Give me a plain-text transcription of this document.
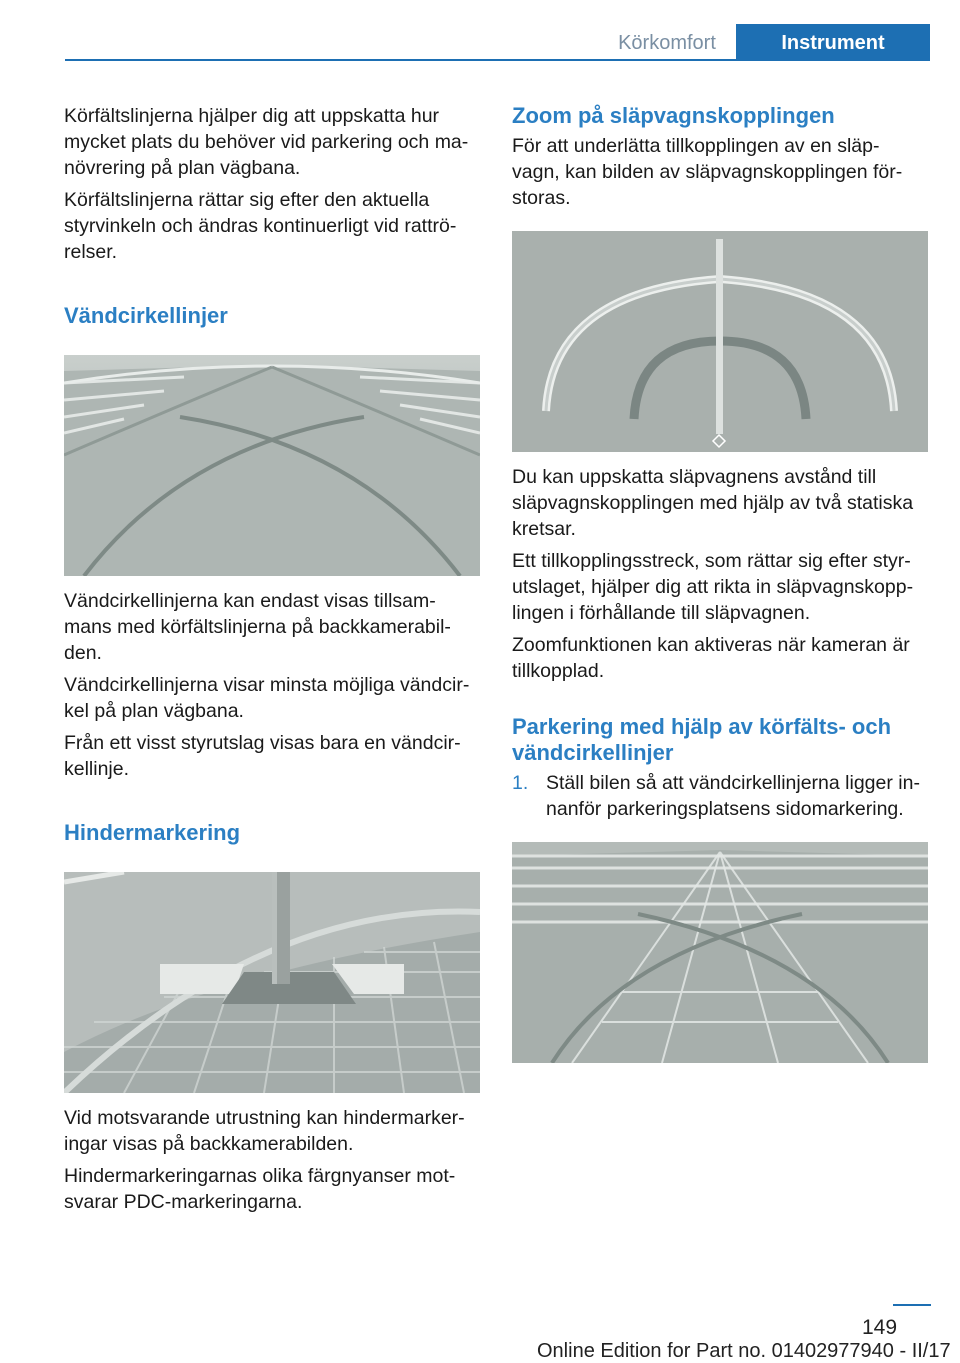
Körkomfort	Instrument

Körfältslinjerna hjälper dig att uppskatta hur
mycket plats du behöver vid parkering och ma‐
növrering på plan vägbana.

Körfältslinjerna rättar sig efter den aktuella
styrvinkeln och ändras kontinuerligt vid rattrö‐
relser.

Vändcirkellinjer

Vändcirkellinjerna kan endast visas tillsam‐
mans med körfältslinjerna på backkamerabil‐
den.

Vändcirkellinjerna visar minsta möjliga vändcir‐
kel på plan vägbana.

Från ett visst styrutslag visas bara en vändcir‐
kellinje.

Hindermarkering

Vid motsvarande utrustning kan hindermarker‐
ingar visas på backkamerabilden.

Hindermarkeringarnas olika färgnyanser mot‐
svarar PDC-markeringarna.

Zoom på släpvagnskopplingen

För att underlätta tillkopplingen av en släp‐
vagn, kan bilden av släpvagnskopplingen för‐
storas.

Du kan uppskatta släpvagnens avstånd till
släpvagnskopplingen med hjälp av två statiska
kretsar.

Ett tillkopplingsstreck, som rättar sig efter styr‐
utslaget, hjälper dig att rikta in släpvagnskopp‐
lingen i förhållande till släpvagnen.

Zoomfunktionen kan aktiveras när kameran är
tillkopplad.

Parkering med hjälp av körfälts- och
vändcirkellinjer

1. Ställ bilen så att vändcirkellinjerna ligger in‐
nanför parkeringsplatsens sidomarkering.

149
Online Edition for Part no. 01402977940 - II/17
